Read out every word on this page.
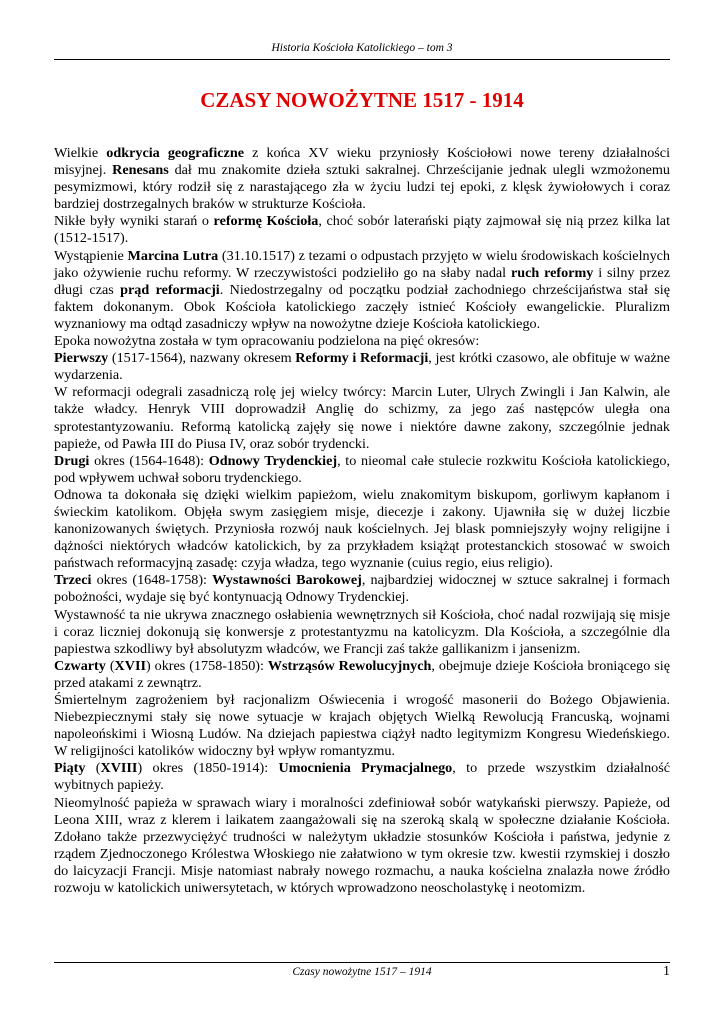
Historia Kościoła Katolickiego – tom 3
CZASY NOWOŻYTNE 1517 - 1914

Wielkie odkrycia geograficzne z końca XV wieku przyniosły Kościołowi nowe tereny działalności misyjnej. Renesans dał mu znakomite dzieła sztuki sakralnej. Chrześcijanie jednak ulegli wzmożonemu pesymizmowi, który rodził się z narastającego zła w życiu ludzi tej epoki, z klęsk żywiołowych i coraz bardziej dostrzegalnych braków w strukturze Kościoła.

Nikłe były wyniki starań o reformę Kościoła, choć sobór laterański piąty zajmował się nią przez kilka lat (1512-1517).

Wystąpienie Marcina Lutra (31.10.1517) z tezami o odpustach przyjęto w wielu środowiskach kościelnych jako ożywienie ruchu reformy. W rzeczywistości podzieliło go na słaby nadal ruch reformy i silny przez długi czas prąd reformacji. Niedostrzegalny od początku podział zachodniego chrześcijaństwa stał się faktem dokonanym. Obok Kościoła katolickiego zaczęły istnieć Kościoły ewangelickie. Pluralizm wyznaniowy ma odtąd zasadniczy wpływ na nowożytne dzieje Kościoła katolickiego.

Epoka nowożytna została w tym opracowaniu podzielona na pięć okresów:

Pierwszy (1517-1564), nazwany okresem Reformy i Reformacji, jest krótki czasowo, ale obfituje w ważne wydarzenia.

W reformacji odegrali zasadniczą rolę jej wielcy twórcy: Marcin Luter, Ulrych Zwingli i Jan Kalwin, ale także władcy. Henryk VIII doprowadził Anglię do schizmy, za jego zaś następców uległa ona sprotestantyzowaniu. Reformą katolicką zajęły się nowe i niektóre dawne zakony, szczególnie jednak papieże, od Pawła III do Piusa IV, oraz sobór trydencki.

Drugi okres (1564-1648): Odnowy Trydenckiej, to nieomal całe stulecie rozkwitu Kościoła katolickiego, pod wpływem uchwał soboru trydenckiego.

Odnowa ta dokonała się dzięki wielkim papieżom, wielu znakomitym biskupom, gorliwym kapłanom i świeckim katolikom. Objęła swym zasięgiem misje, diecezje i zakony. Ujawniła się w dużej liczbie kanonizowanych świętych. Przyniosła rozwój nauk kościelnych. Jej blask pomniejszyły wojny religijne i dążności niektórych władców katolickich, by za przykładem książąt protestanckich stosować w swoich państwach reformacyjną zasadę: czyja władza, tego wyznanie (cuius regio, eius religio).

Trzeci okres (1648-1758): Wystawności Barokowej, najbardziej widocznej w sztuce sakralnej i formach pobożności, wydaje się być kontynuacją Odnowy Trydenckiej.

Wystawność ta nie ukrywa znacznego osłabienia wewnętrznych sił Kościoła, choć nadal rozwijają się misje i coraz liczniej dokonują się konwersje z protestantyzmu na katolicyzm. Dla Kościoła, a szczególnie dla papiestwa szkodliwy był absolutyzm władców, we Francji zaś także gallikanizm i jansenizm.

Czwarty (XVII) okres (1758-1850): Wstrząsów Rewolucyjnych, obejmuje dzieje Kościoła broniącego się przed atakami z zewnątrz.

Śmiertelnym zagrożeniem był racjonalizm Oświecenia i wrogość masonerii do Bożego Objawienia. Niebezpiecznymi stały się nowe sytuacje w krajach objętych Wielką Rewolucją Francuską, wojnami napoleońskimi i Wiosną Ludów. Na dziejach papiestwa ciążył nadto legitymizm Kongresu Wiedeńskiego. W religijności katolików widoczny był wpływ romantyzmu.

Piąty (XVIII) okres (1850-1914): Umocnienia Prymacjalnego, to przede wszystkim działalność wybitnych papieży.

Nieomylność papieża w sprawach wiary i moralności zdefiniował sobór watykański pierwszy. Papieże, od Leona XIII, wraz z klerem i laikatem zaangażowali się na szeroką skalą w społeczne działanie Kościoła. Zdołano także przezwyciężyć trudności w należytym układzie stosunków Kościoła i państwa, jedynie z rządem Zjednoczonego Królestwa Włoskiego nie załatwiono w tym okresie tzw. kwestii rzymskiej i doszło do laicyzacji Francji. Misje natomiast nabrały nowego rozmachu, a nauka kościelna znalazła nowe źródło rozwoju w katolickich uniwersytetach, w których wprowadzono neoscholastykę i neotomizm.

Czasy nowożytne 1517 – 1914	1
